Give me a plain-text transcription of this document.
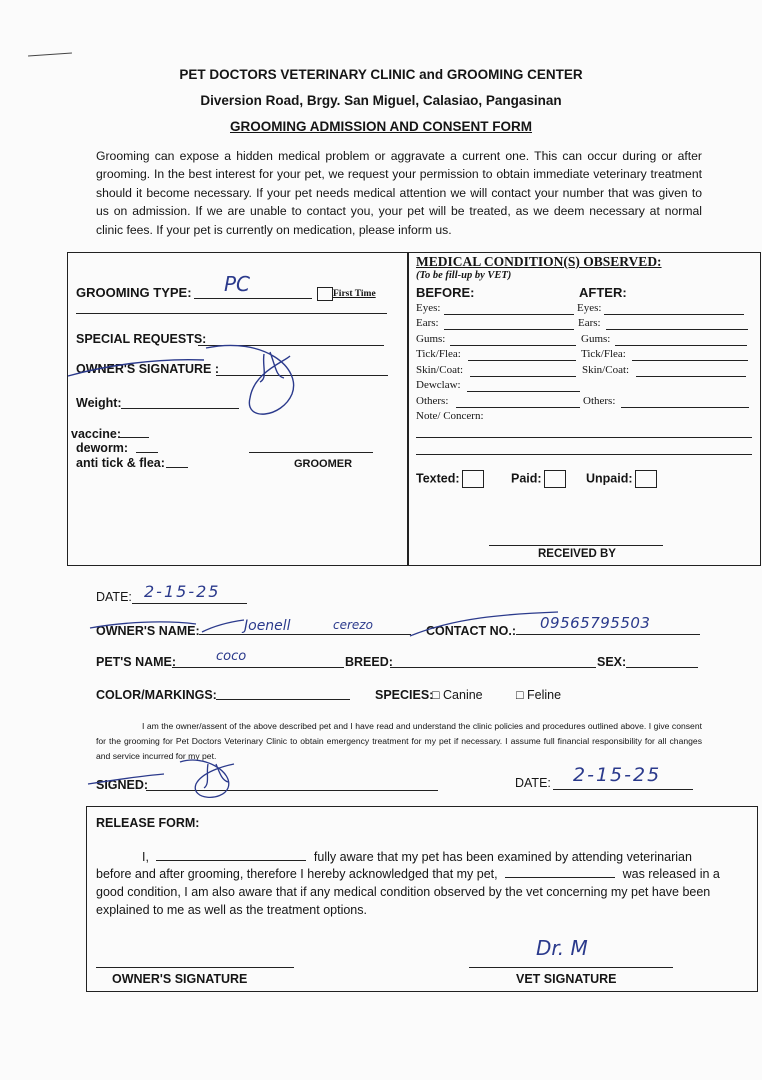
PET DOCTORS VETERINARY CLINIC and GROOMING CENTER
Diversion Road, Brgy. San Miguel, Calasiao, Pangasinan
GROOMING ADMISSION AND CONSENT FORM
Grooming can expose a hidden medical problem or aggravate a current one. This can occur during or after grooming. In the best interest for your pet, we request your permission to obtain immediate veterinary treatment should it become necessary. If your pet needs medical attention we will contact your number that was given to us on admission. If we are unable to contact you, your pet will be treated, as we deem necessary at normal clinic fees. If your pet is currently on medication, please inform us.
GROOMING TYPE: PC	First Time
SPECIAL REQUESTS:
OWNER'S SIGNATURE :
Weight:
vaccine:
deworm:
anti tick & flea:	GROOMER
MEDICAL CONDITION(S) OBSERVED:
(To be fill-up by VET)
BEFORE:	AFTER:
Eyes:	Eyes:
Ears:	Ears:
Gums:	Gums:
Tick/Flea:	Tick/Flea:
Skin/Coat:	Skin/Coat:
Dewclaw:
Others:	Others:
Note/ Concern:
Texted:	Paid:	Unpaid:
RECEIVED BY
DATE: 2-15-25
OWNER'S NAME:	Joenell	cerezo	CONTACT NO.: 09565795503
PET'S NAME:	coco	BREED:	SEX:
COLOR/MARKINGS:	SPECIES:
□ Canine	□ Feline
I am the owner/assent of the above described pet and I have read and understand the clinic policies and procedures outlined above. I give consent for the grooming for Pet Doctors Veterinary Clinic to obtain emergency treatment for my pet if necessary. I assume full financial responsibility for all changes and service incurred for my pet.
SIGNED:	DATE: 2-15-25
RELEASE FORM:
I,	fully aware that my pet has been examined by attending veterinarian
before and after grooming, therefore I hereby acknowledged that my pet,	was released in a
good condition, I am also aware that if any medical condition observed by the vet concerning my pet have been
explained to me as well as the treatment options.
OWNER'S SIGNATURE
Dr. M
VET SIGNATURE
